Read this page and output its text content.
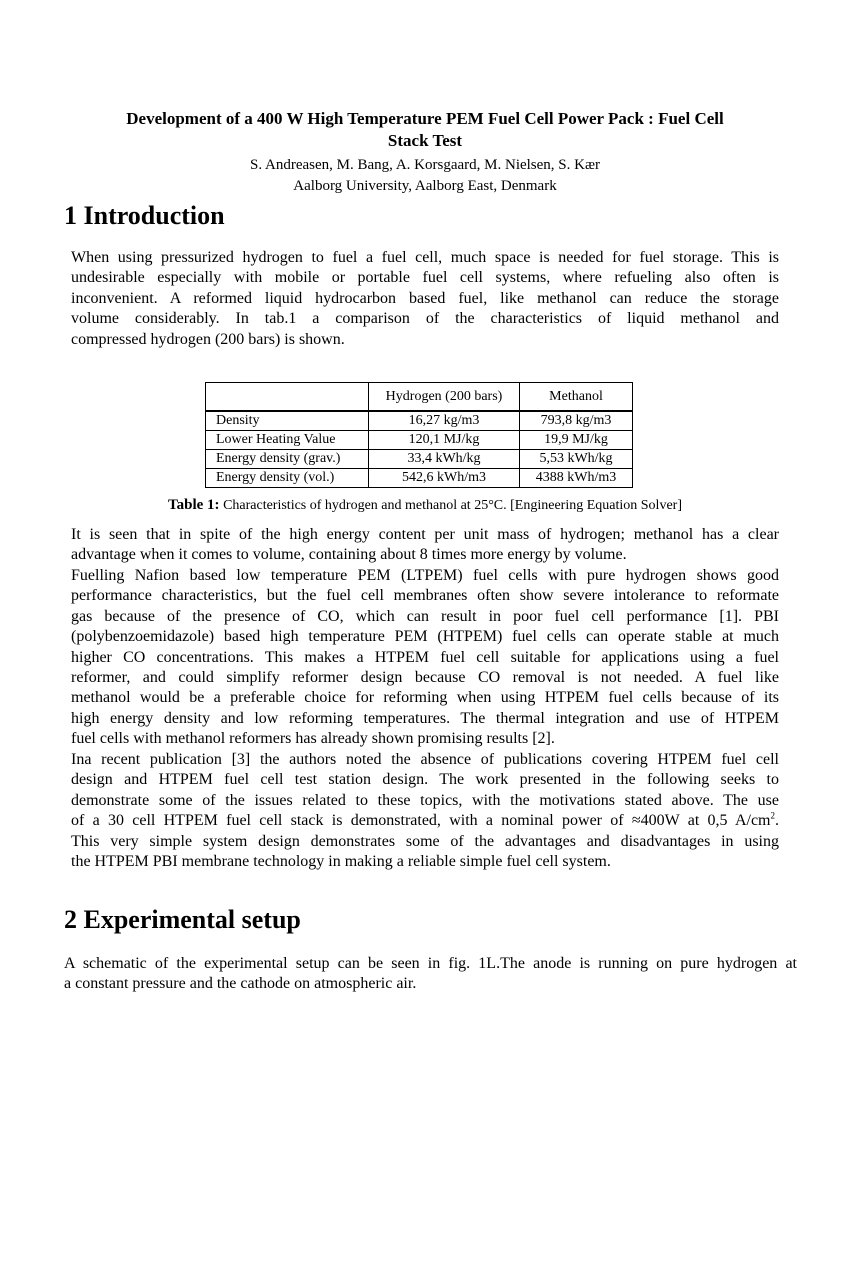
Development of a 400 W High Temperature PEM Fuel Cell Power Pack : Fuel Cell
Stack Test
S. Andreasen, M. Bang, A. Korsgaard, M. Nielsen, S. Kær
Aalborg University, Aalborg East, Denmark
1 Introduction
When using pressurized hydrogen to fuel a fuel cell, much space is needed for fuel storage. This is
undesirable especially with mobile or portable fuel cell systems, where refueling also often is
inconvenient. A reformed liquid hydrocarbon based fuel, like methanol can reduce the storage
volume considerably. In tab.1 a comparison of the characteristics of liquid methanol and
compressed hydrogen (200 bars) is shown.
	Hydrogen (200 bars)	Methanol
Density	16,27 kg/m3	793,8 kg/m3
Lower Heating Value	120,1 MJ/kg	19,9 MJ/kg
Energy density (grav.)	33,4 kWh/kg	5,53 kWh/kg
Energy density (vol.)	542,6 kWh/m3	4388 kWh/m3
Table 1: Characteristics of hydrogen and methanol at 25°C. [Engineering Equation Solver]
It is seen that in spite of the high energy content per unit mass of hydrogen; methanol has a clear
advantage when it comes to volume, containing about 8 times more energy by volume.
Fuelling Nafion based low temperature PEM (LTPEM) fuel cells with pure hydrogen shows good
performance characteristics, but the fuel cell membranes often show severe intolerance to reformate
gas because of the presence of CO, which can result in poor fuel cell performance [1]. PBI
(polybenzoemidazole) based high temperature PEM (HTPEM) fuel cells can operate stable at much
higher CO concentrations. This makes a HTPEM fuel cell suitable for applications using a fuel
reformer, and could simplify reformer design because CO removal is not needed. A fuel like
methanol would be a preferable choice for reforming when using HTPEM fuel cells because of its
high energy density and low reforming temperatures. The thermal integration and use of HTPEM
fuel cells with methanol reformers has already shown promising results [2].
Ina recent publication [3] the authors noted the absence of publications covering HTPEM fuel cell
design and HTPEM fuel cell test station design. The work presented in the following seeks to
demonstrate some of the issues related to these topics, with the motivations stated above. The use
of a 30 cell HTPEM fuel cell stack is demonstrated, with a nominal power of ≈400W at 0,5 $A/cm^2$.
This very simple system design demonstrates some of the advantages and disadvantages in using
the HTPEM PBI membrane technology in making a reliable simple fuel cell system.
2 Experimental setup
A schematic of the experimental setup can be seen in fig. 1L.The anode is running on pure hydrogen at
a constant pressure and the cathode on atmospheric air.
